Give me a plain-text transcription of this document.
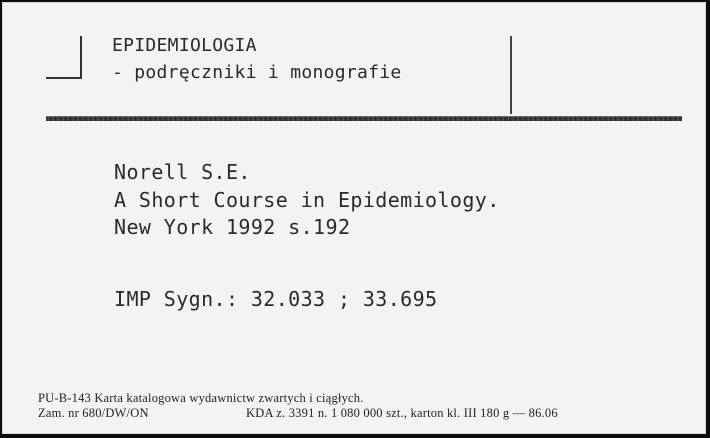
EPIDEMIOLOGIA
- podręczniki i monografie
Norell S.E.
A Short Course in Epidemiology.
New York 1992 s.192
IMP Sygn.: 32.033 ; 33.695
PU-B-143 Karta katalogowa wydawnictw zwartych i ciągłych.
Zam. nr 680/DW/ON	KDA z. 3391 n. 1 080 000 szt., karton kl. III 180 g — 86.06
